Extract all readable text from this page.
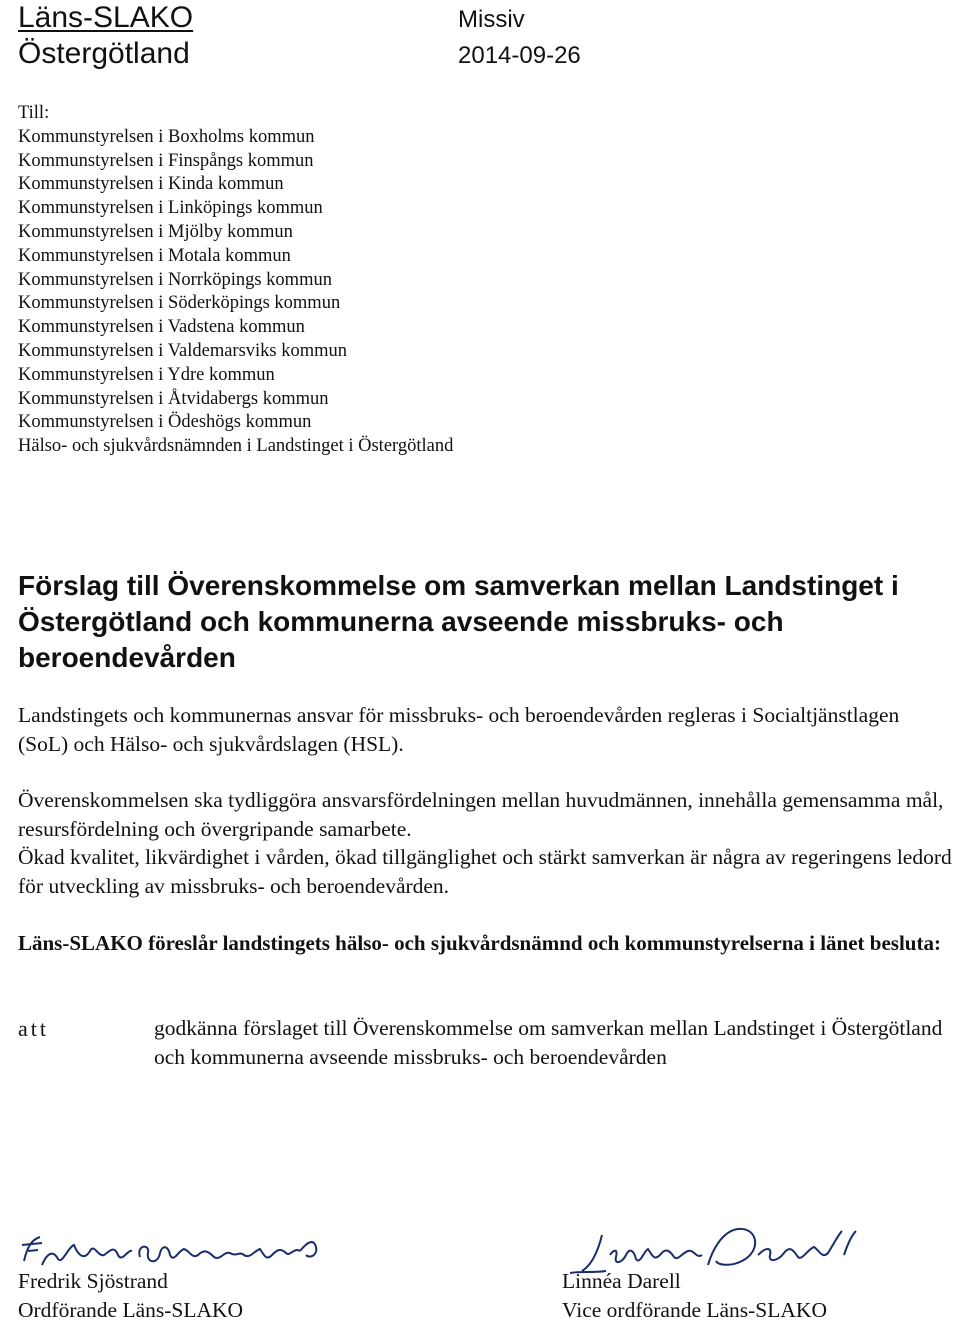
Läns-SLAKO
Östergötland
Missiv
2014-09-26
Till:
Kommunstyrelsen i Boxholms kommun
Kommunstyrelsen i Finspångs kommun
Kommunstyrelsen i Kinda kommun
Kommunstyrelsen i Linköpings kommun
Kommunstyrelsen i Mjölby kommun
Kommunstyrelsen i Motala kommun
Kommunstyrelsen i Norrköpings kommun
Kommunstyrelsen i Söderköpings kommun
Kommunstyrelsen i Vadstena kommun
Kommunstyrelsen i Valdemarsviks kommun
Kommunstyrelsen i Ydre kommun
Kommunstyrelsen i Åtvidabergs kommun
Kommunstyrelsen i Ödeshögs kommun
Hälso- och sjukvårdsnämnden i Landstinget i Östergötland
Förslag till Överenskommelse om samverkan mellan Landstinget i Östergötland och kommunerna avseende missbruks- och beroendevården
Landstingets och kommunernas ansvar för missbruks- och beroendevården regleras i Socialtjänstlagen (SoL) och Hälso- och sjukvårdslagen (HSL).
Överenskommelsen ska tydliggöra ansvarsfördelningen mellan huvudmännen, innehålla gemensamma mål, resursfördelning och övergripande samarbete.
Ökad kvalitet, likvärdighet i vården, ökad tillgänglighet och stärkt samverkan är några av regeringens ledord för utveckling av missbruks- och beroendevården.
Läns-SLAKO föreslår landstingets hälso- och sjukvårdsnämnd och kommunstyrelserna i länet besluta:
att	godkänna förslaget till Överenskommelse om samverkan mellan Landstinget i Östergötland och kommunerna avseende missbruks- och beroendevården
Fredrik Sjöstrand
Ordförande Läns-SLAKO
Linnéa Darell
Vice ordförande Läns-SLAKO
